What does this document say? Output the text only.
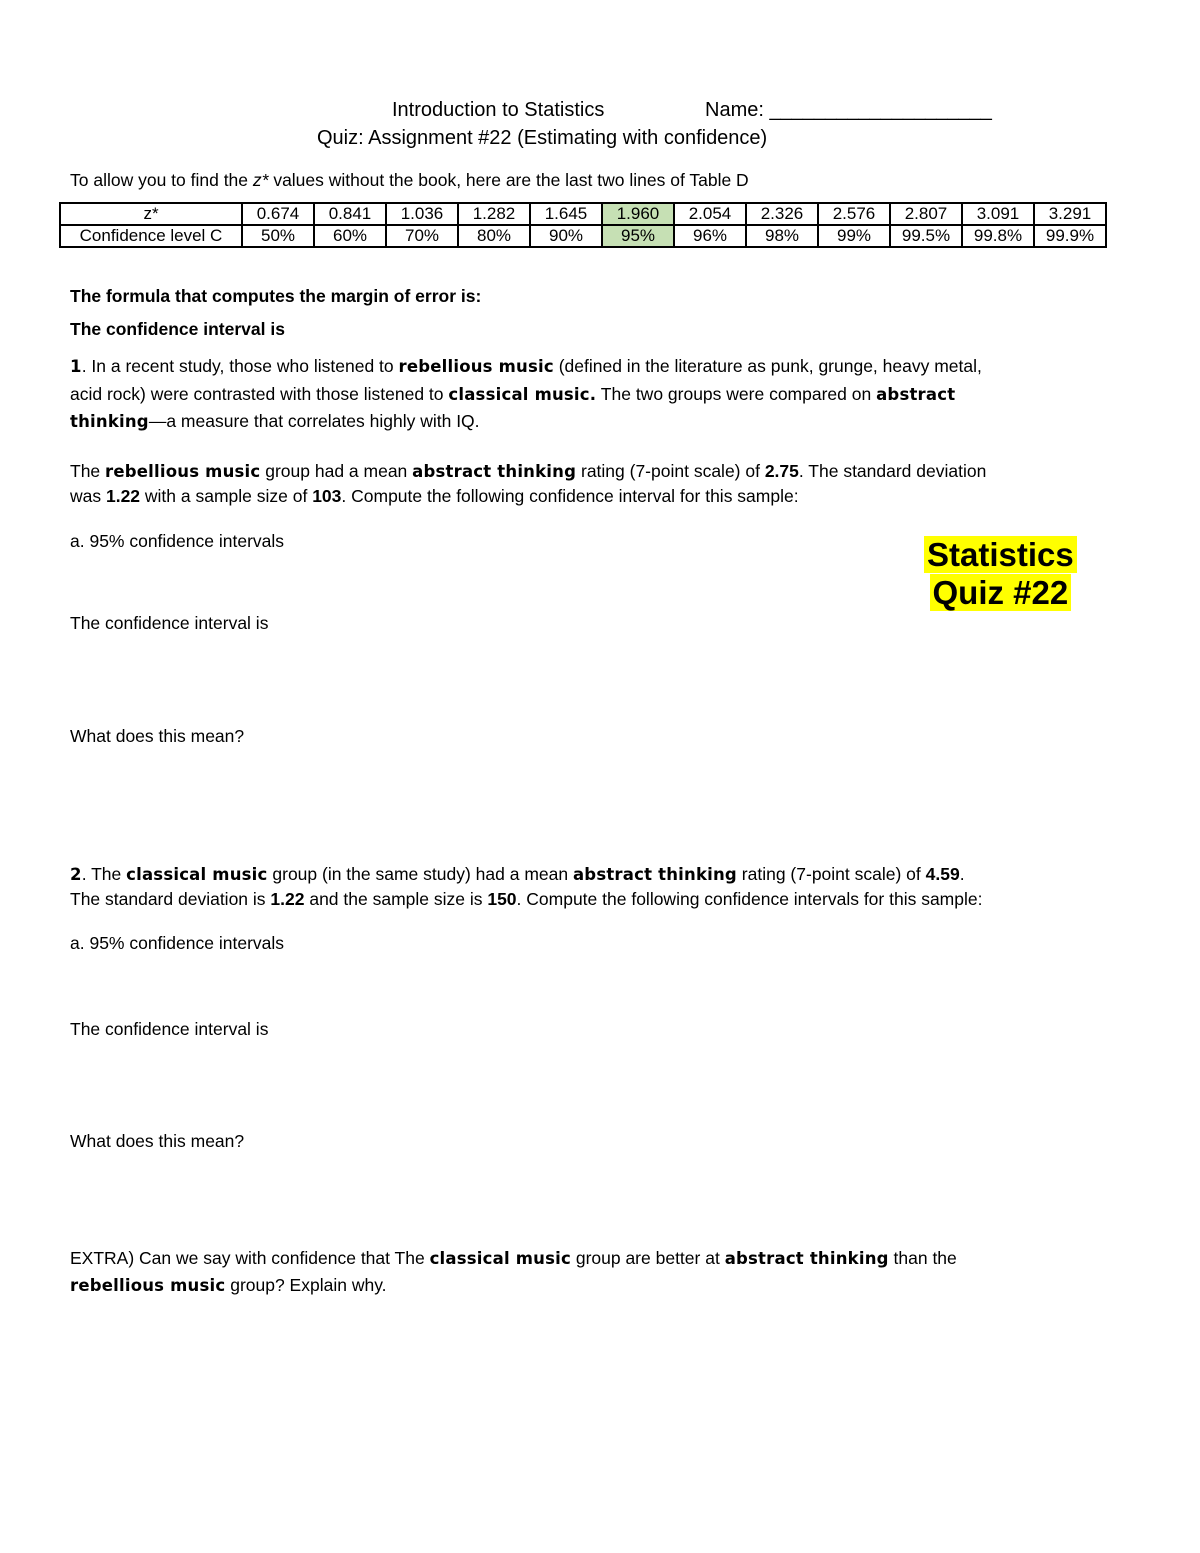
Introduction to Statistics	Name: ____________________
Quiz: Assignment #22 (Estimating with confidence)
To allow you to find the z* values without the book, here are the last two lines of Table D
z*	0.674	0.841	1.036	1.282	1.645	1.960	2.054	2.326	2.576	2.807	3.091	3.291
Confidence level C	50%	60%	70%	80%	90%	95%	96%	98%	99%	99.5%	99.8%	99.9%
The formula that computes the margin of error is:
The confidence interval is
1. In a recent study, those who listened to rebellious music (defined in the literature as punk, grunge, heavy metal,
acid rock) were contrasted with those listened to classical music. The two groups were compared on abstract
thinking—a measure that correlates highly with IQ.
The rebellious music group had a mean abstract thinking rating (7-point scale) of 2.75. The standard deviation
was 1.22 with a sample size of 103. Compute the following confidence interval for this sample:
a. 95% confidence intervals
The confidence interval is
What does this mean?
Statistics
Quiz #22
2. The classical music group (in the same study) had a mean abstract thinking rating (7-point scale) of 4.59.
The standard deviation is 1.22 and the sample size is 150. Compute the following confidence intervals for this sample:
a. 95% confidence intervals
The confidence interval is
What does this mean?
EXTRA) Can we say with confidence that The classical music group are better at abstract thinking than the
rebellious music group? Explain why.
